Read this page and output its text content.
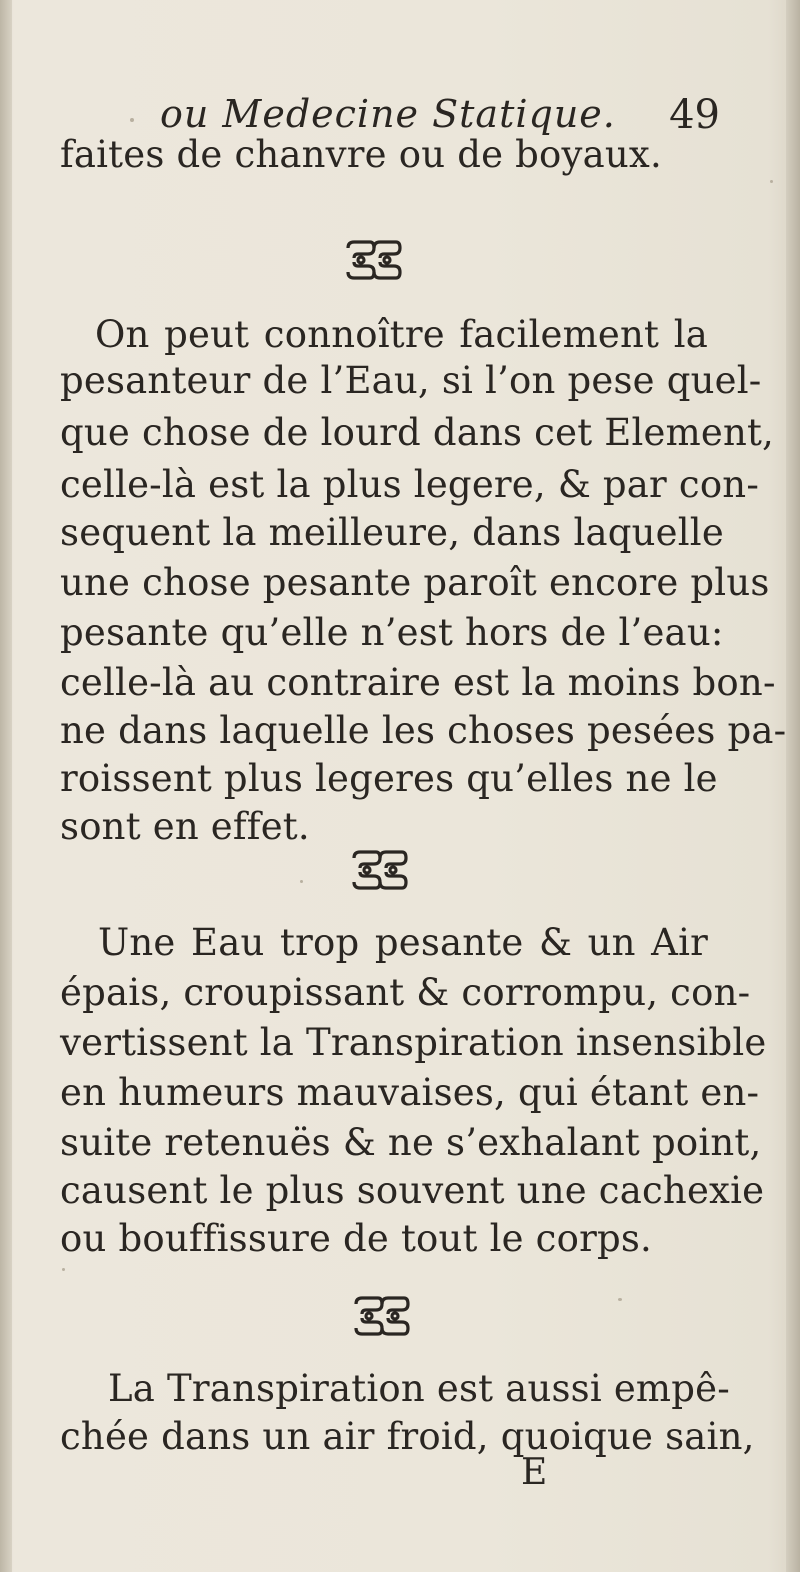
ou Medecine Statique. 49
faites de chanvre ou de boyaux.
On peut connoître facilement la
pesanteur de l’Eau, si l’on pese quel-
que chose de lourd dans cet Element,
celle-là est la plus legere, & par con-
sequent la meilleure, dans laquelle
une chose pesante paroît encore plus
pesante qu’elle n’est hors de l’eau:
celle-là au contraire est la moins bon-
ne dans laquelle les choses pesées pa-
roissent plus legeres qu’elles ne le
sont en effet.
Une Eau trop pesante & un Air
épais, croupissant & corrompu, con-
vertissent la Transpiration insensible
en humeurs mauvaises, qui étant en-
suite retenuës & ne s’exhalant point,
causent le plus souvent une cachexie
ou bouffissure de tout le corps.
La Transpiration est aussi empê-
chée dans un air froid, quoique sain,
E
